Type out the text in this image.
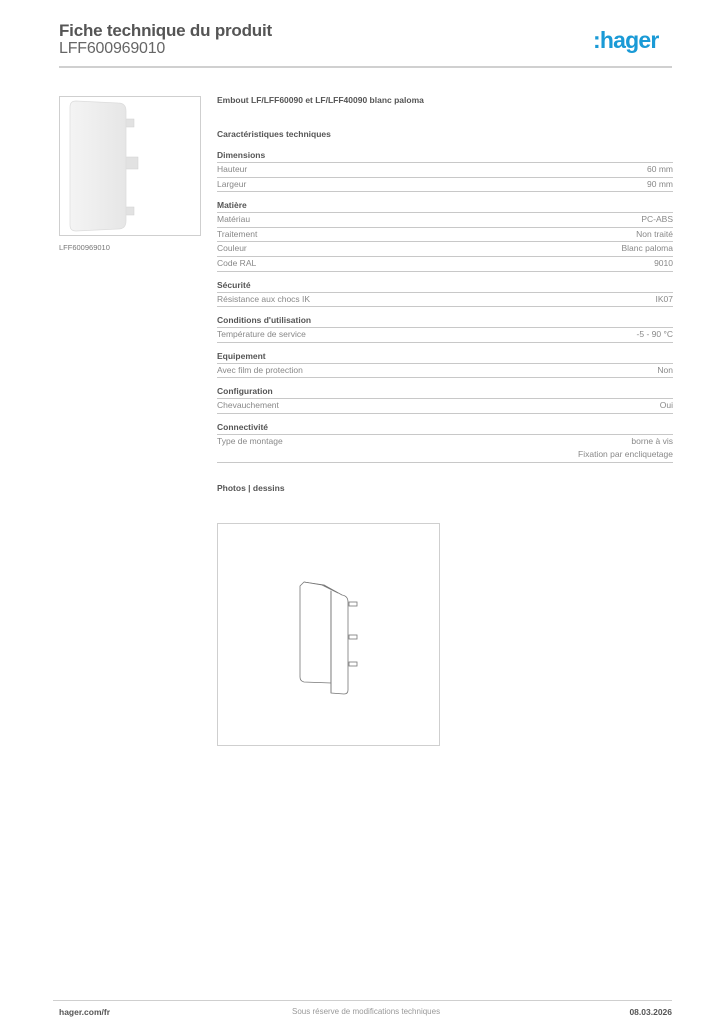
Fiche technique du produit
LFF600969010	:hager
LFF600969010
Embout LF/LFF60090 et LF/LFF40090 blanc paloma
Caractéristiques techniques
Dimensions
Hauteur	60 mm
Largeur	90 mm
Matière
Matériau	PC-ABS
Traitement	Non traité
Couleur	Blanc paloma
Code RAL	9010
Sécurité
Résistance aux chocs IK	IK07
Conditions d'utilisation
Température de service	-5 - 90 °C
Equipement
Avec film de protection	Non
Configuration
Chevauchement	Oui
Connectivité
Type de montage	borne à vis
Fixation par encliquetage
Photos | dessins
hager.com/fr	Sous réserve de modifications techniques	08.03.2026
